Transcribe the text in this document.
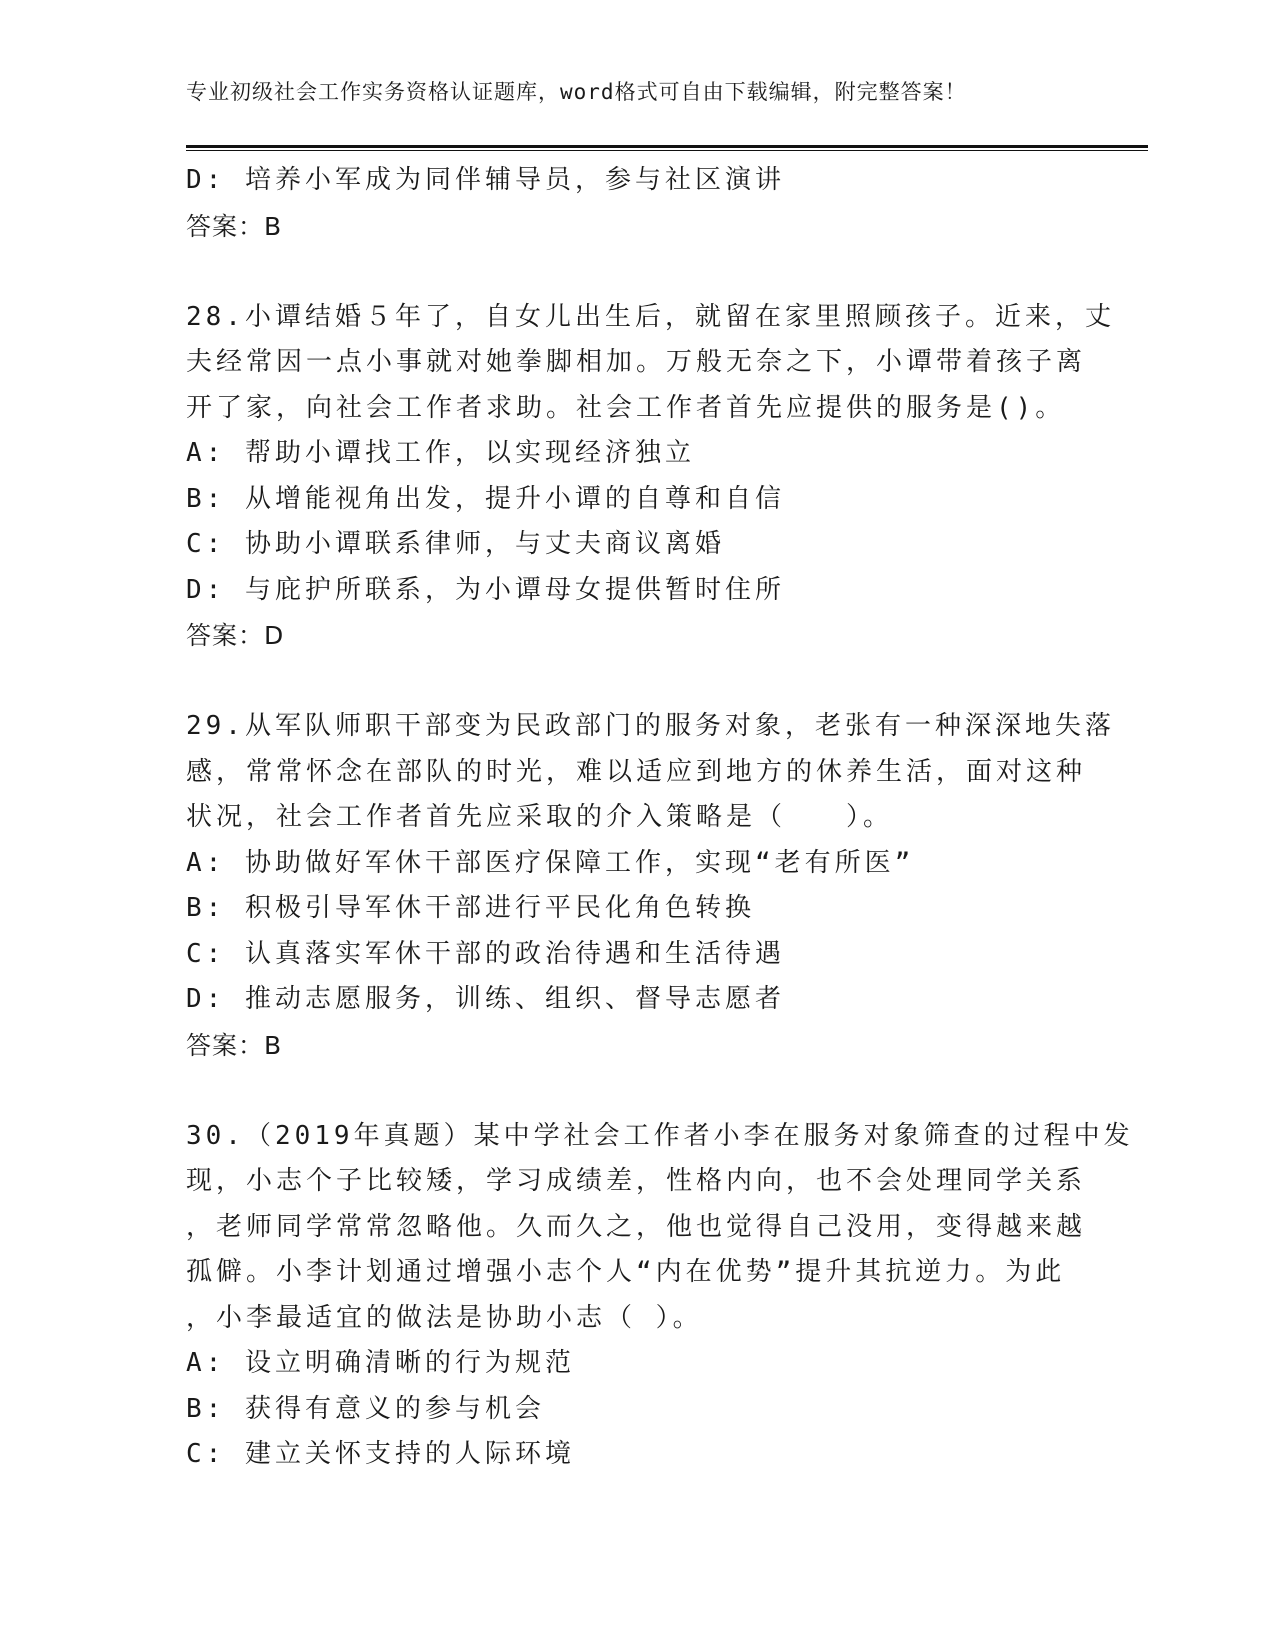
专业初级社会工作实务资格认证题库，word格式可自由下载编辑，附完整答案！
D: 培养小军成为同伴辅导员，参与社区演讲
答案：B
28.小谭结婚５年了，自女儿出生后，就留在家里照顾孩子。近来，丈
夫经常因一点小事就对她拳脚相加。万般无奈之下，小谭带着孩子离
开了家，向社会工作者求助。社会工作者首先应提供的服务是()。
A: 帮助小谭找工作，以实现经济独立
B: 从增能视角出发，提升小谭的自尊和自信
C: 协助小谭联系律师，与丈夫商议离婚
D: 与庇护所联系，为小谭母女提供暂时住所
答案：D
29.从军队师职干部变为民政部门的服务对象，老张有一种深深地失落
感，常常怀念在部队的时光，难以适应到地方的休养生活，面对这种
状况，社会工作者首先应采取的介入策略是（　　）。
A: 协助做好军休干部医疗保障工作，实现“老有所医”
B: 积极引导军休干部进行平民化角色转换
C: 认真落实军休干部的政治待遇和生活待遇
D: 推动志愿服务，训练、组织、督导志愿者
答案：B
30.（2019年真题）某中学社会工作者小李在服务对象筛查的过程中发
现，小志个子比较矮，学习成绩差，性格内向，也不会处理同学关系
，老师同学常常忽略他。久而久之，他也觉得自己没用，变得越来越
孤僻。小李计划通过增强小志个人“内在优势”提升其抗逆力。为此
，小李最适宜的做法是协助小志（ ）。
A: 设立明确清晰的行为规范
B: 获得有意义的参与机会
C: 建立关怀支持的人际环境
